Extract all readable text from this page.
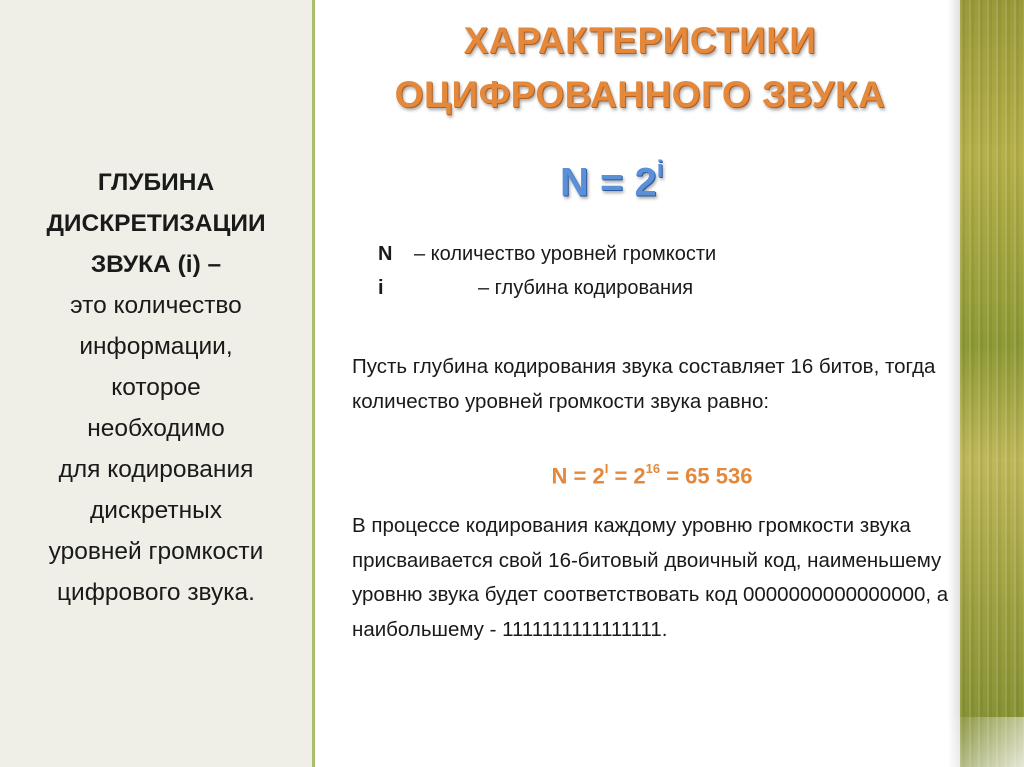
ГЛУБИНА
ДИСКРЕТИЗАЦИИ
ЗВУКА (i) –
это количество
информации,
которое
необходимо
для кодирования
дискретных
уровней громкости
цифрового звука.
ХАРАКТЕРИСТИКИ
ОЦИФРОВАННОГО ЗВУКА
$N = 2^i$
N – количество уровней громкости
i	– глубина кодирования
Пусть глубина кодирования звука составляет 16 битов, тогда количество уровней громкости звука равно:
$N = 2^I = 2^{16} = 65$ 536
В процессе кодирования каждому уровню громкости звука присваивается свой 16-битовый двоичный код, наименьшему уровню звука будет соответствовать код 0000000000000000, а наибольшему - 1111111111111111.
